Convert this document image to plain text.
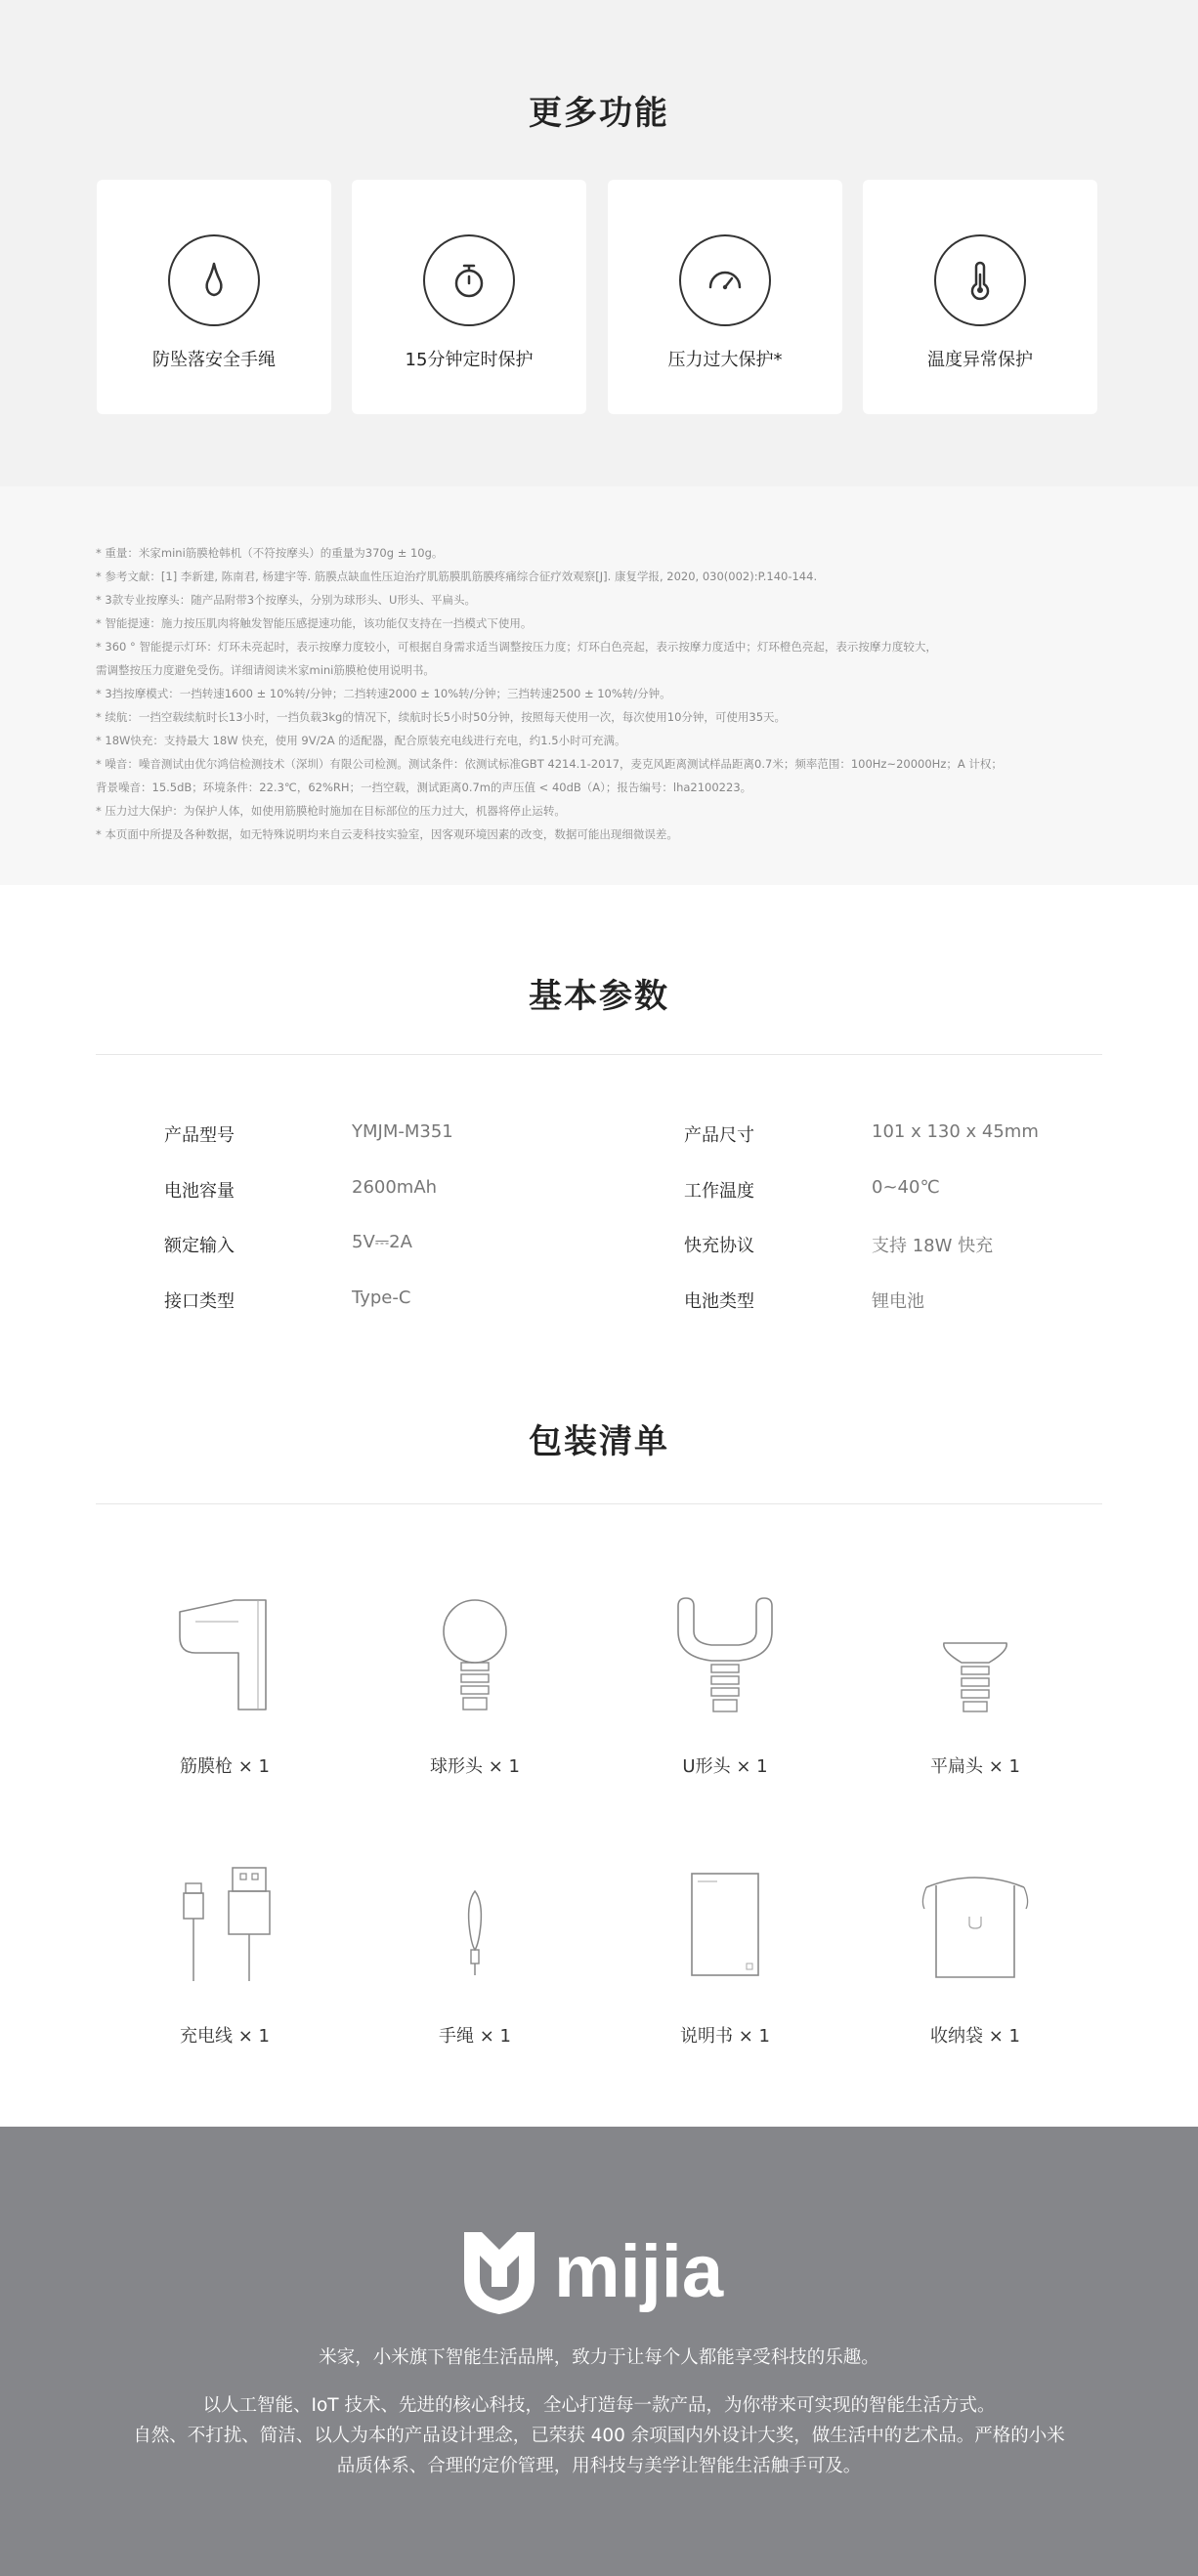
更多功能
防坠落安全手绳	15分钟定时保护	压力过大保护*	温度异常保护
* 重量：米家mini筋膜枪韩机（不符按摩头）的重量为370g ± 10g。
* 参考文献：[1] 李新建, 陈南君, 杨建宇等. 筋膜点缺血性压迫治疗肌筋膜肌筋膜疼痛综合征疗效观察[J]. 康复学报, 2020, 030(002):P.140-144.
* 3款专业按摩头：随产品附带3个按摩头，分别为球形头、U形头、平扁头。
* 智能提速：施力按压肌肉将触发智能压感提速功能，该功能仅支持在一挡模式下使用。
* 360 ° 智能提示灯环：灯环未亮起时，表示按摩力度较小，可根据自身需求适当调整按压力度；灯环白色亮起，表示按摩力度适中；灯环橙色亮起，表示按摩力度较大，
需调整按压力度避免受伤。详细请阅读米家mini筋膜枪使用说明书。
* 3挡按摩模式：一挡转速1600 ± 10%转/分钟；二挡转速2000 ± 10%转/分钟；三挡转速2500 ± 10%转/分钟。
* 续航：一挡空载续航时长13小时，一挡负载3kg的情况下，续航时长5小时50分钟，按照每天使用一次，每次使用10分钟，可使用35天。
* 18W快充：支持最大 18W 快充，使用 9V/2A 的适配器，配合原装充电线进行充电，约1.5小时可充满。
* 噪音：噪音测试由优尔鸿信检测技术（深圳）有限公司检测。测试条件：依测试标准GBT 4214.1-2017，麦克风距离测试样品距离0.7米；频率范围：100Hz~20000Hz；A 计权；
背景噪音：15.5dB；环境条件：22.3℃，62%RH；一挡空载，测试距离0.7m的声压值 < 40dB（A）；报告编号：lha2100223。
* 压力过大保护：为保护人体，如使用筋膜枪时施加在目标部位的压力过大，机器将停止运转。
* 本页面中所提及各种数据，如无特殊说明均来自云麦科技实验室，因客观环境因素的改变，数据可能出现细微误差。
基本参数
产品型号	YMJM-M351	产品尺寸	101 x 130 x 45mm
电池容量	2600mAh	工作温度	0~40℃
额定输入	5V⎓2A	快充协议	支持 18W 快充
接口类型	Type-C	电池类型	锂电池
包装清单
筋膜枪 × 1	球形头 × 1	U形头 × 1	平扁头 × 1
充电线 × 1	手绳 × 1	说明书 × 1	收纳袋 × 1
mijia
米家，小米旗下智能生活品牌，致力于让每个人都能享受科技的乐趣。
以人工智能、IoT 技术、先进的核心科技，全心打造每一款产品，为你带来可实现的智能生活方式。
自然、不打扰、简洁、以人为本的产品设计理念，已荣获 400 余项国内外设计大奖，做生活中的艺术品。严格的小米
品质体系、合理的定价管理，用科技与美学让智能生活触手可及。
